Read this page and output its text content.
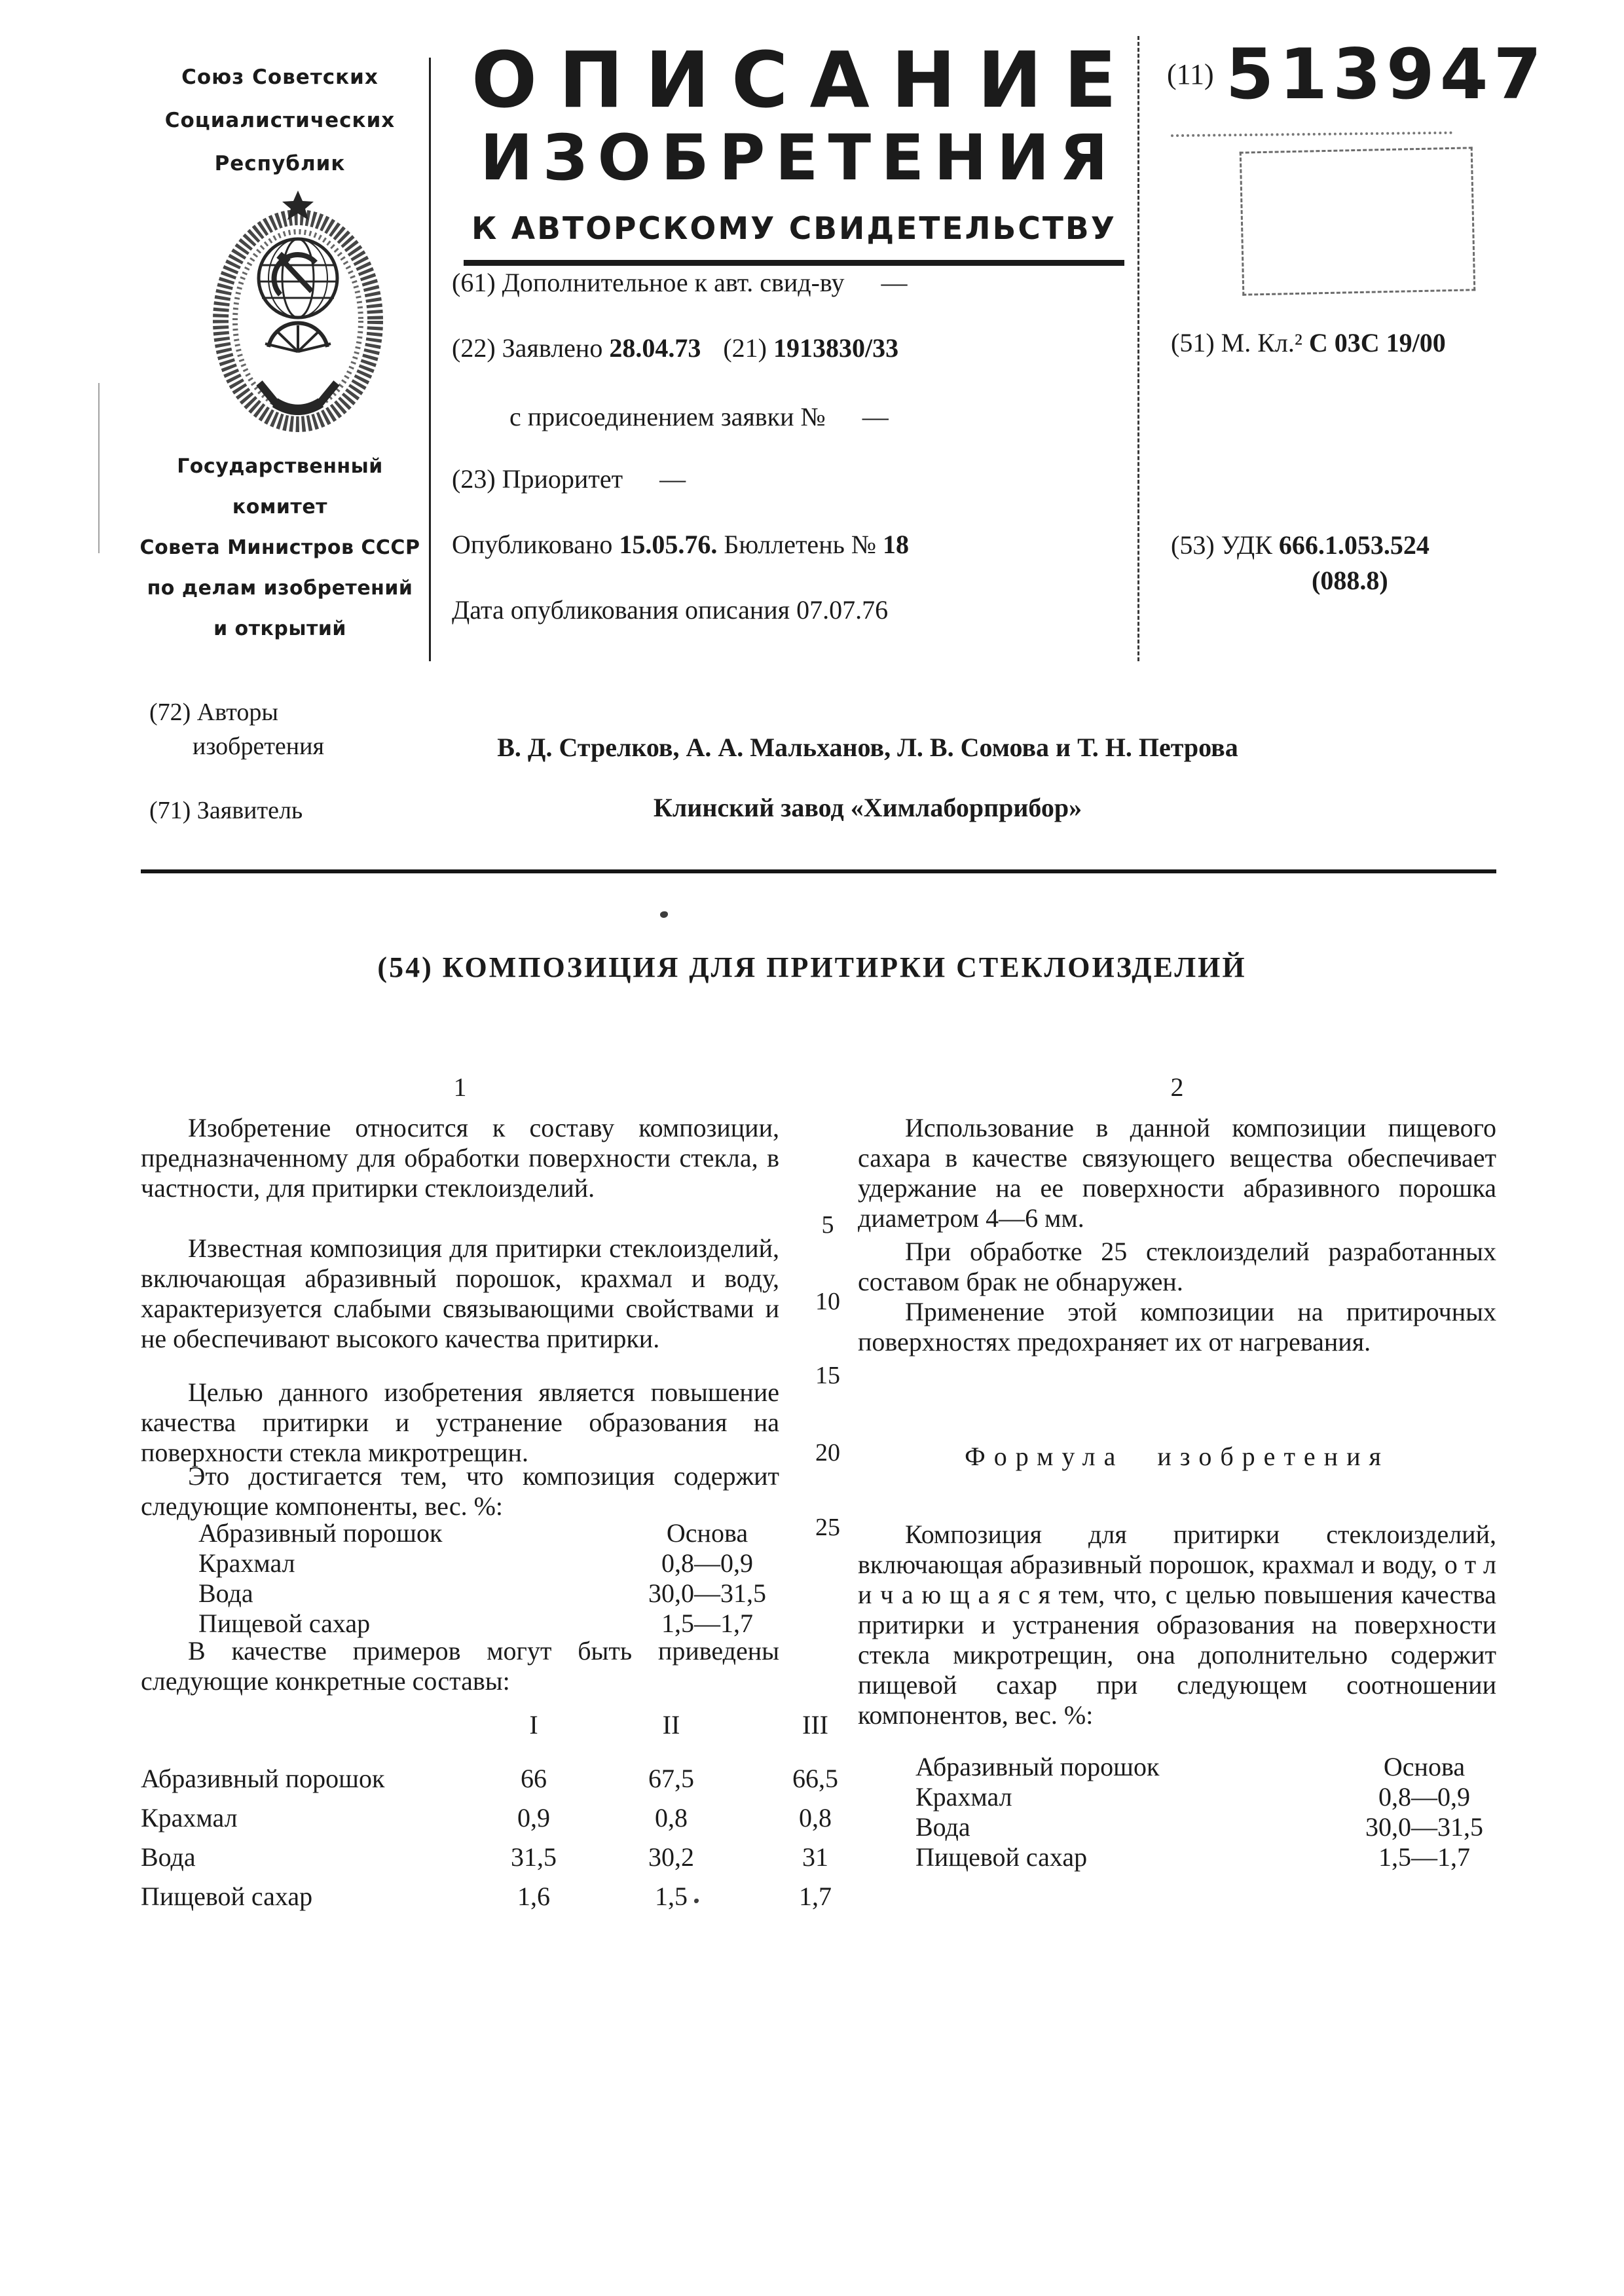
Союз Советских
Социалистических
Республик
Государственный комитет
Совета Министров СССР
по делам изобретений
и открытий
ОПИСАНИЕ
ИЗОБРЕТЕНИЯ
К АВТОРСКОМУ СВИДЕТЕЛЬСТВУ
(11) 513947
(61) Дополнительное к авт. свид-ву —
(22) Заявлено 28.04.73 (21) 1913830/33
с присоединением заявки № —
(23) Приоритет —
Опубликовано 15.05.76. Бюллетень № 18
Дата опубликования описания 07.07.76
(51) М. Кл.² С 03С 19/00
(53) УДК 666.1.053.524
(088.8)
(72) Авторы
изобретения	В. Д. Стрелков, А. А. Мальханов, Л. В. Сомова и Т. Н. Петрова
(71) Заявитель	Клинский завод «Химлаборприбор»
(54) КОМПОЗИЦИЯ ДЛЯ ПРИТИРКИ СТЕКЛОИЗДЕЛИЙ
5
10
15
20
25
1

Изобретение относится к составу композиции, предназначенному для обработки поверхности стекла, в частности, для притирки стеклоизделий.

Известная композиция для притирки стеклоизделий, включающая абразивный порошок, крахмал и воду, характеризуется слабыми связывающими свойствами и не обеспечивают высокого качества притирки.

Целью данного изобретения является повышение качества притирки и устранение образования на поверхности стекла микротрещин.

Это достигается тем, что композиция содержит следующие компоненты, вес. %:

Абразивный порошок	Основа
Крахмал	0,8—0,9
Вода	30,0—31,5
Пищевой сахар	1,5—1,7

В качестве примеров могут быть приведены следующие конкретные составы:

I	II	III
Абразивный порошок	66	67,5	66,5
Крахмал	0,9	0,8	0,8
Вода	31,5	30,2	31
Пищевой сахар	1,6	1,5	1,7
2

Использование в данной композиции пищевого сахара в качестве связующего вещества обеспечивает удержание на ее поверхности абразивного порошка диаметром 4—6 мм.

При обработке 25 стеклоизделий разработанных составом брак не обнаружен.

Применение этой композиции на притирочных поверхностях предохраняет их от нагревания.

Формула изобретения

Композиция для притирки стеклоизделий, включающая абразивный порошок, крахмал и воду, о т л и ч а ю щ а я с я тем, что, с целью повышения качества притирки и устранения образования на поверхности стекла микротрещин, она дополнительно содержит пищевой сахар при следующем соотношении компонентов, вес. %:

Абразивный порошок	Основа
Крахмал	0,8—0,9
Вода	30,0—31,5
Пищевой сахар	1,5—1,7
